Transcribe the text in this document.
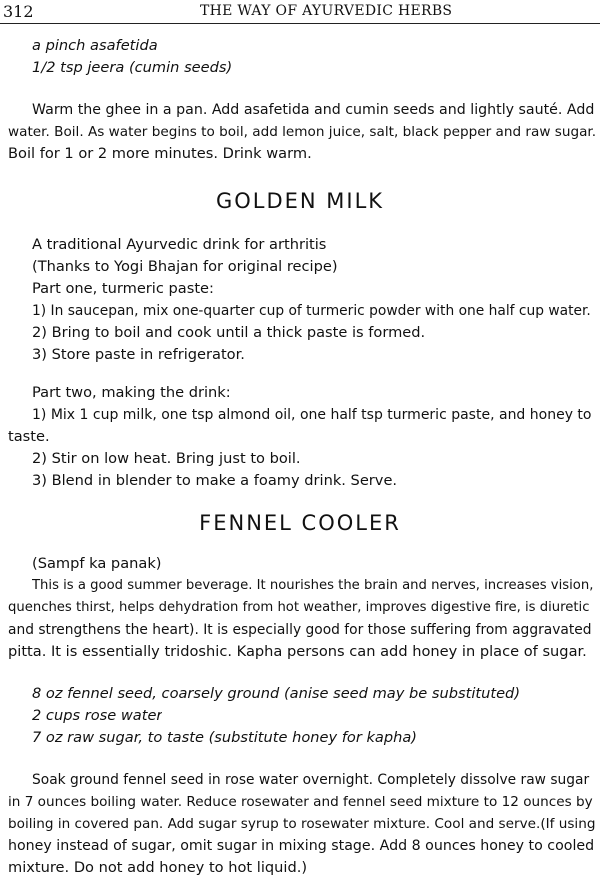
312	THE WAY OF AYURVEDIC HERBS
a pinch asafetida
1/2 tsp jeera (cumin seeds)
Warm the ghee in a pan. Add asafetida and cumin seeds and lightly sauté. Add
water. Boil. As water begins to boil, add lemon juice, salt, black pepper and raw sugar.
Boil for 1 or 2 more minutes. Drink warm.
GOLDEN MILK
A traditional Ayurvedic drink for arthritis
(Thanks to Yogi Bhajan for original recipe)
Part one, turmeric paste:
1) In saucepan, mix one-quarter cup of turmeric powder with one half cup water.
2) Bring to boil and cook until a thick paste is formed.
3) Store paste in refrigerator.
Part two, making the drink:
1) Mix 1 cup milk, one tsp almond oil, one half tsp turmeric paste, and honey to
taste.
2) Stir on low heat. Bring just to boil.
3) Blend in blender to make a foamy drink. Serve.
FENNEL COOLER
(Sampf ka panak)
This is a good summer beverage. It nourishes the brain and nerves, increases vision,
quenches thirst, helps dehydration from hot weather, improves digestive fire, is diuretic
and strengthens the heart). It is especially good for those suffering from aggravated
pitta. It is essentially tridoshic. Kapha persons can add honey in place of sugar.
8 oz fennel seed, coarsely ground (anise seed may be substituted)
2 cups rose water
7 oz raw sugar, to taste (substitute honey for kapha)
Soak ground fennel seed in rose water overnight. Completely dissolve raw sugar
in 7 ounces boiling water. Reduce rosewater and fennel seed mixture to 12 ounces by
boiling in covered pan. Add sugar syrup to rosewater mixture. Cool and serve.(If using
honey instead of sugar, omit sugar in mixing stage. Add 8 ounces honey to cooled
mixture. Do not add honey to hot liquid.)
